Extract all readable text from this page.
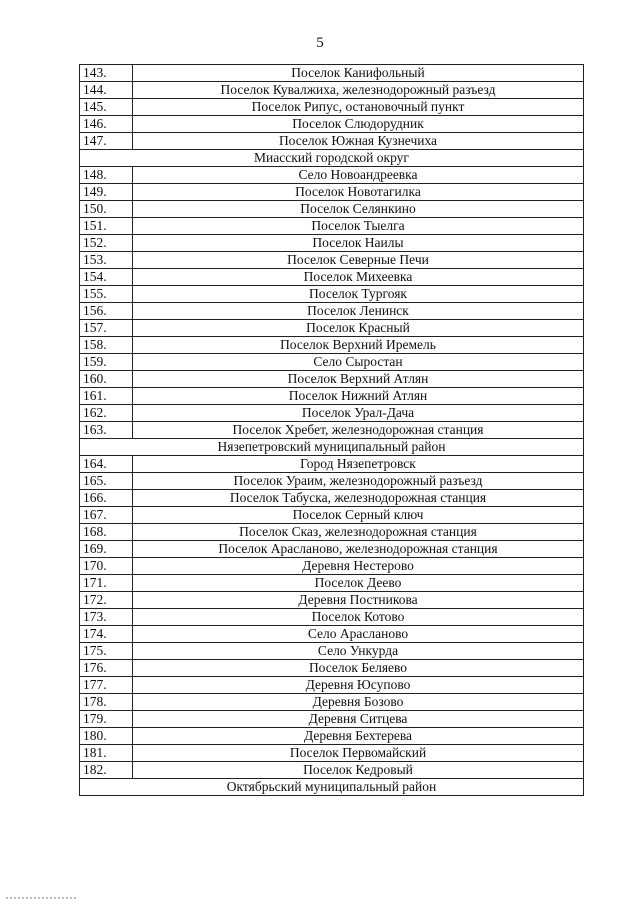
5
143.	Поселок Канифольный
144.	Поселок Кувалжиха, железнодорожный разъезд
145.	Поселок Рипус, остановочный пункт
146.	Поселок Слюдорудник
147.	Поселок Южная Кузнечиха
Миасский городской округ	
148.	Село Новоандреевка
149.	Поселок Новотагилка
150.	Поселок Селянкино
151.	Поселок Тыелга
152.	Поселок Наилы
153.	Поселок Северные Печи
154.	Поселок Михеевка
155.	Поселок Тургояк
156.	Поселок Ленинск
157.	Поселок Красный
158.	Поселок Верхний Иремель
159.	Село Сыростан
160.	Поселок Верхний Атлян
161.	Поселок Нижний Атлян
162.	Поселок Урал-Дача
163.	Поселок Хребет, железнодорожная станция
Нязепетровский муниципальный район	
164.	Город Нязепетровск
165.	Поселок Ураим, железнодорожный разъезд
166.	Поселок Табуска, железнодорожная станция
167.	Поселок Серный ключ
168.	Поселок Сказ, железнодорожная станция
169.	Поселок Арасланово, железнодорожная станция
170.	Деревня Нестерово
171.	Поселок Деево
172.	Деревня Постникова
173.	Поселок Котово
174.	Село Арасланово
175.	Село Ункурда
176.	Поселок Беляево
177.	Деревня Юсупово
178.	Деревня Бозово
179.	Деревня Ситцева
180.	Деревня Бехтерева
181.	Поселок Первомайский
182.	Поселок Кедровый
Октябрьский муниципальный район	
